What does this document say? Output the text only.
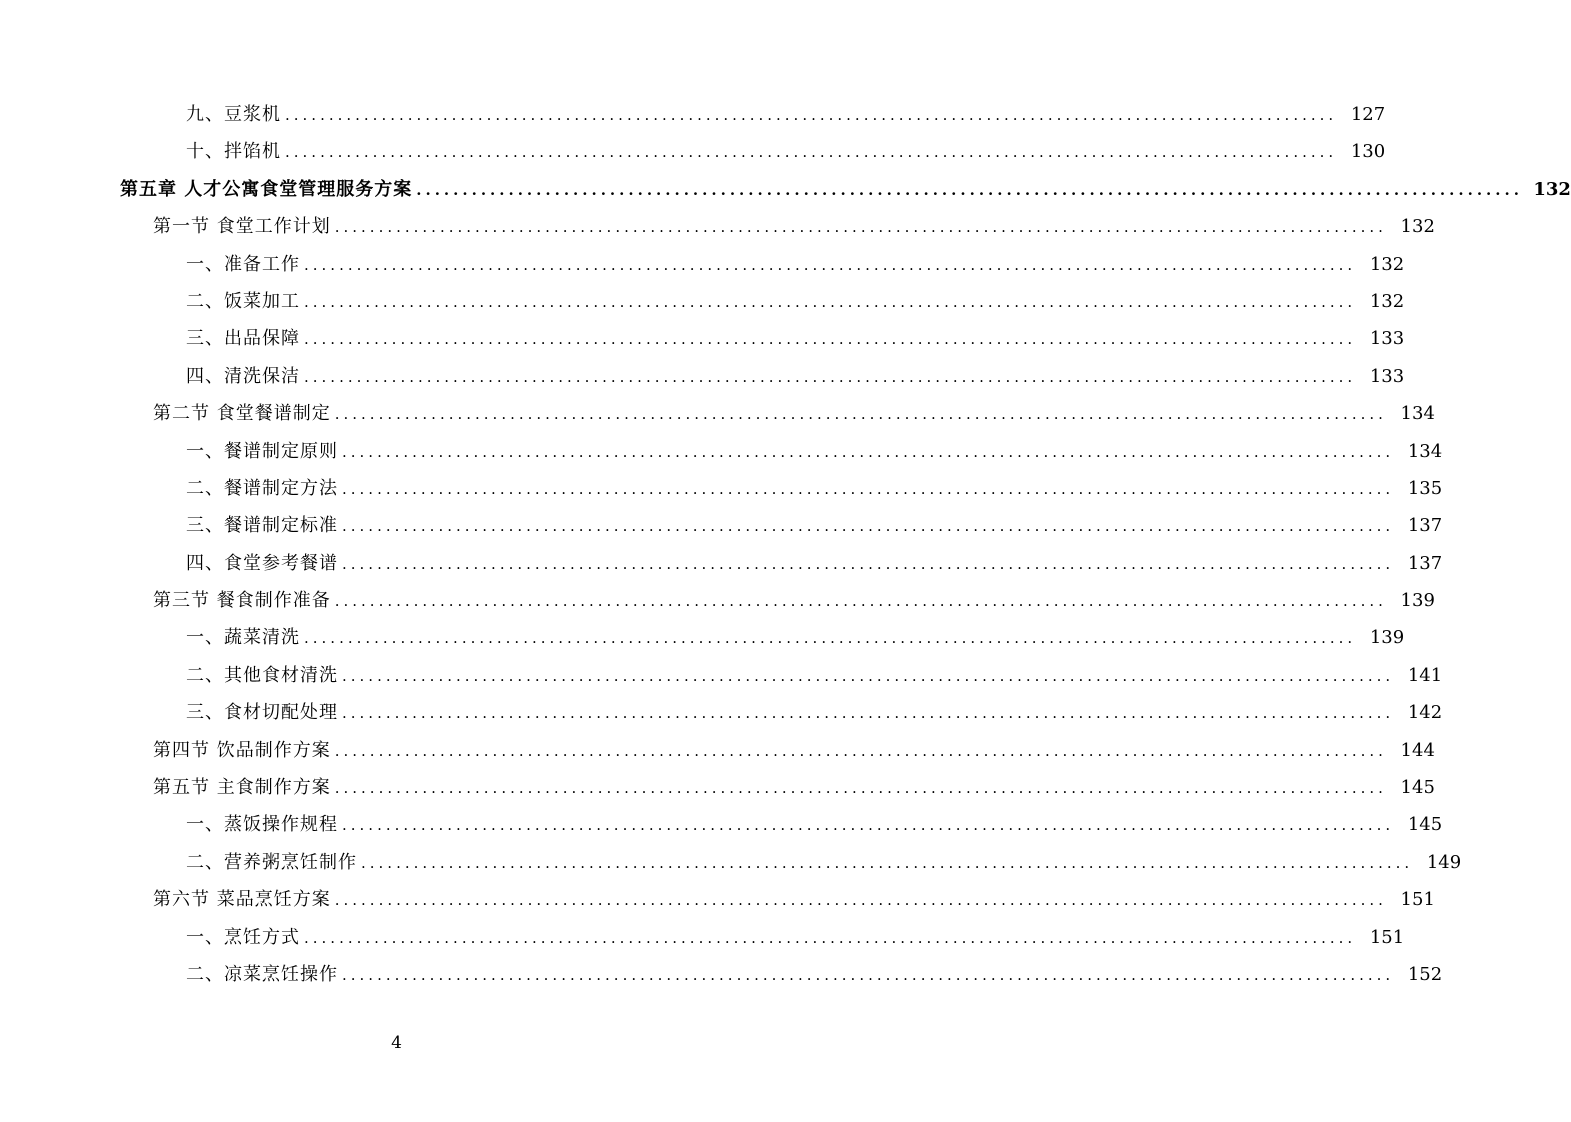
九、豆浆机 ........................................................................................................................ 127
十、拌馅机 ........................................................................................................................ 130
第五章 人才公寓食堂管理服务方案 ........................................................................................................................ 132
第一节 食堂工作计划 ........................................................................................................................ 132
一、准备工作 ........................................................................................................................ 132
二、饭菜加工 ........................................................................................................................ 132
三、出品保障 ........................................................................................................................ 133
四、清洗保洁 ........................................................................................................................ 133
第二节 食堂餐谱制定 ........................................................................................................................ 134
一、餐谱制定原则 ........................................................................................................................ 134
二、餐谱制定方法 ........................................................................................................................ 135
三、餐谱制定标准 ........................................................................................................................ 137
四、食堂参考餐谱 ........................................................................................................................ 137
第三节 餐食制作准备 ........................................................................................................................ 139
一、蔬菜清洗 ........................................................................................................................ 139
二、其他食材清洗 ........................................................................................................................ 141
三、食材切配处理 ........................................................................................................................ 142
第四节 饮品制作方案 ........................................................................................................................ 144
第五节 主食制作方案 ........................................................................................................................ 145
一、蒸饭操作规程 ........................................................................................................................ 145
二、营养粥烹饪制作 ........................................................................................................................ 149
第六节 菜品烹饪方案 ........................................................................................................................ 151
一、烹饪方式 ........................................................................................................................ 151
二、凉菜烹饪操作 ........................................................................................................................ 152
4
